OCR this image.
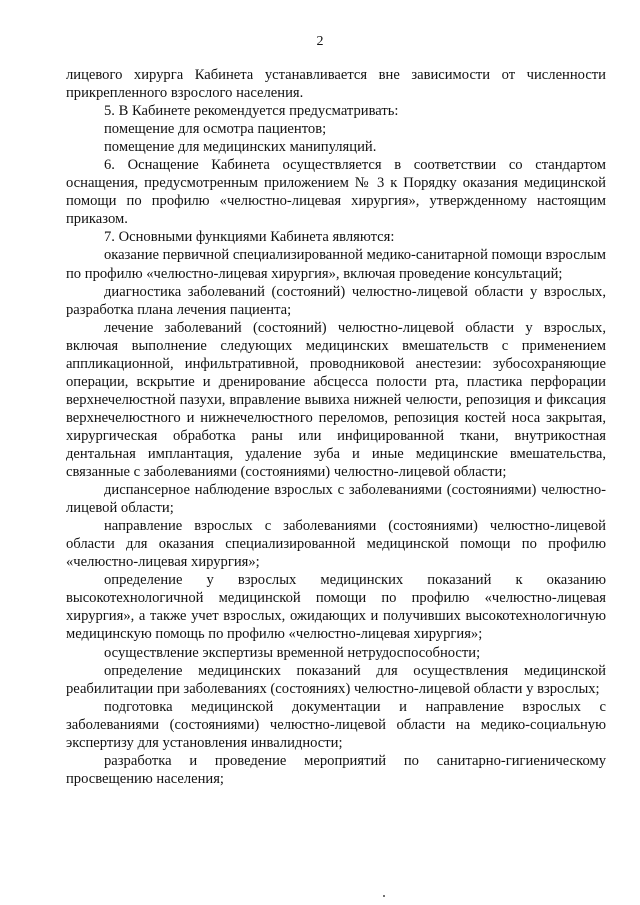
2

лицевого хирурга Кабинета устанавливается вне зависимости от численности прикрепленного взрослого населения.

5. В Кабинете рекомендуется предусматривать:

помещение для осмотра пациентов;

помещение для медицинских манипуляций.

6. Оснащение Кабинета осуществляется в соответствии со стандартом оснащения, предусмотренным приложением № 3 к Порядку оказания медицинской помощи по профилю «челюстно-лицевая хирургия», утвержденному настоящим приказом.

7. Основными функциями Кабинета являются:

оказание первичной специализированной медико-санитарной помощи взрослым по профилю «челюстно-лицевая хирургия», включая проведение консультаций;

диагностика заболеваний (состояний) челюстно-лицевой области у взрослых, разработка плана лечения пациента;

лечение заболеваний (состояний) челюстно-лицевой области у взрослых, включая выполнение следующих медицинских вмешательств с применением аппликационной, инфильтративной, проводниковой анестезии: зубосохраняющие операции, вскрытие и дренирование абсцесса полости рта, пластика перфорации верхнечелюстной пазухи, вправление вывиха нижней челюсти, репозиция и фиксация верхнечелюстного и нижнечелюстного переломов, репозиция костей носа закрытая, хирургическая обработка раны или инфицированной ткани, внутрикостная дентальная имплантация, удаление зуба и иные медицинские вмешательства, связанные с заболеваниями (состояниями) челюстно-лицевой области;

диспансерное наблюдение взрослых с заболеваниями (состояниями) челюстно-лицевой области;

направление взрослых с заболеваниями (состояниями) челюстно-лицевой области для оказания специализированной медицинской помощи по профилю «челюстно-лицевая хирургия»;

определение у взрослых медицинских показаний к оказанию высокотехнологичной медицинской помощи по профилю «челюстно-лицевая хирургия», а также учет взрослых, ожидающих и получивших высокотехнологичную медицинскую помощь по профилю «челюстно-лицевая хирургия»;

осуществление экспертизы временной нетрудоспособности;

определение медицинских показаний для осуществления медицинской реабилитации при заболеваниях (состояниях) челюстно-лицевой области у взрослых;

подготовка медицинской документации и направление взрослых с заболеваниями (состояниями) челюстно-лицевой области на медико-социальную экспертизу для установления инвалидности;

разработка и проведение мероприятий по санитарно-гигиеническому просвещению населения;
